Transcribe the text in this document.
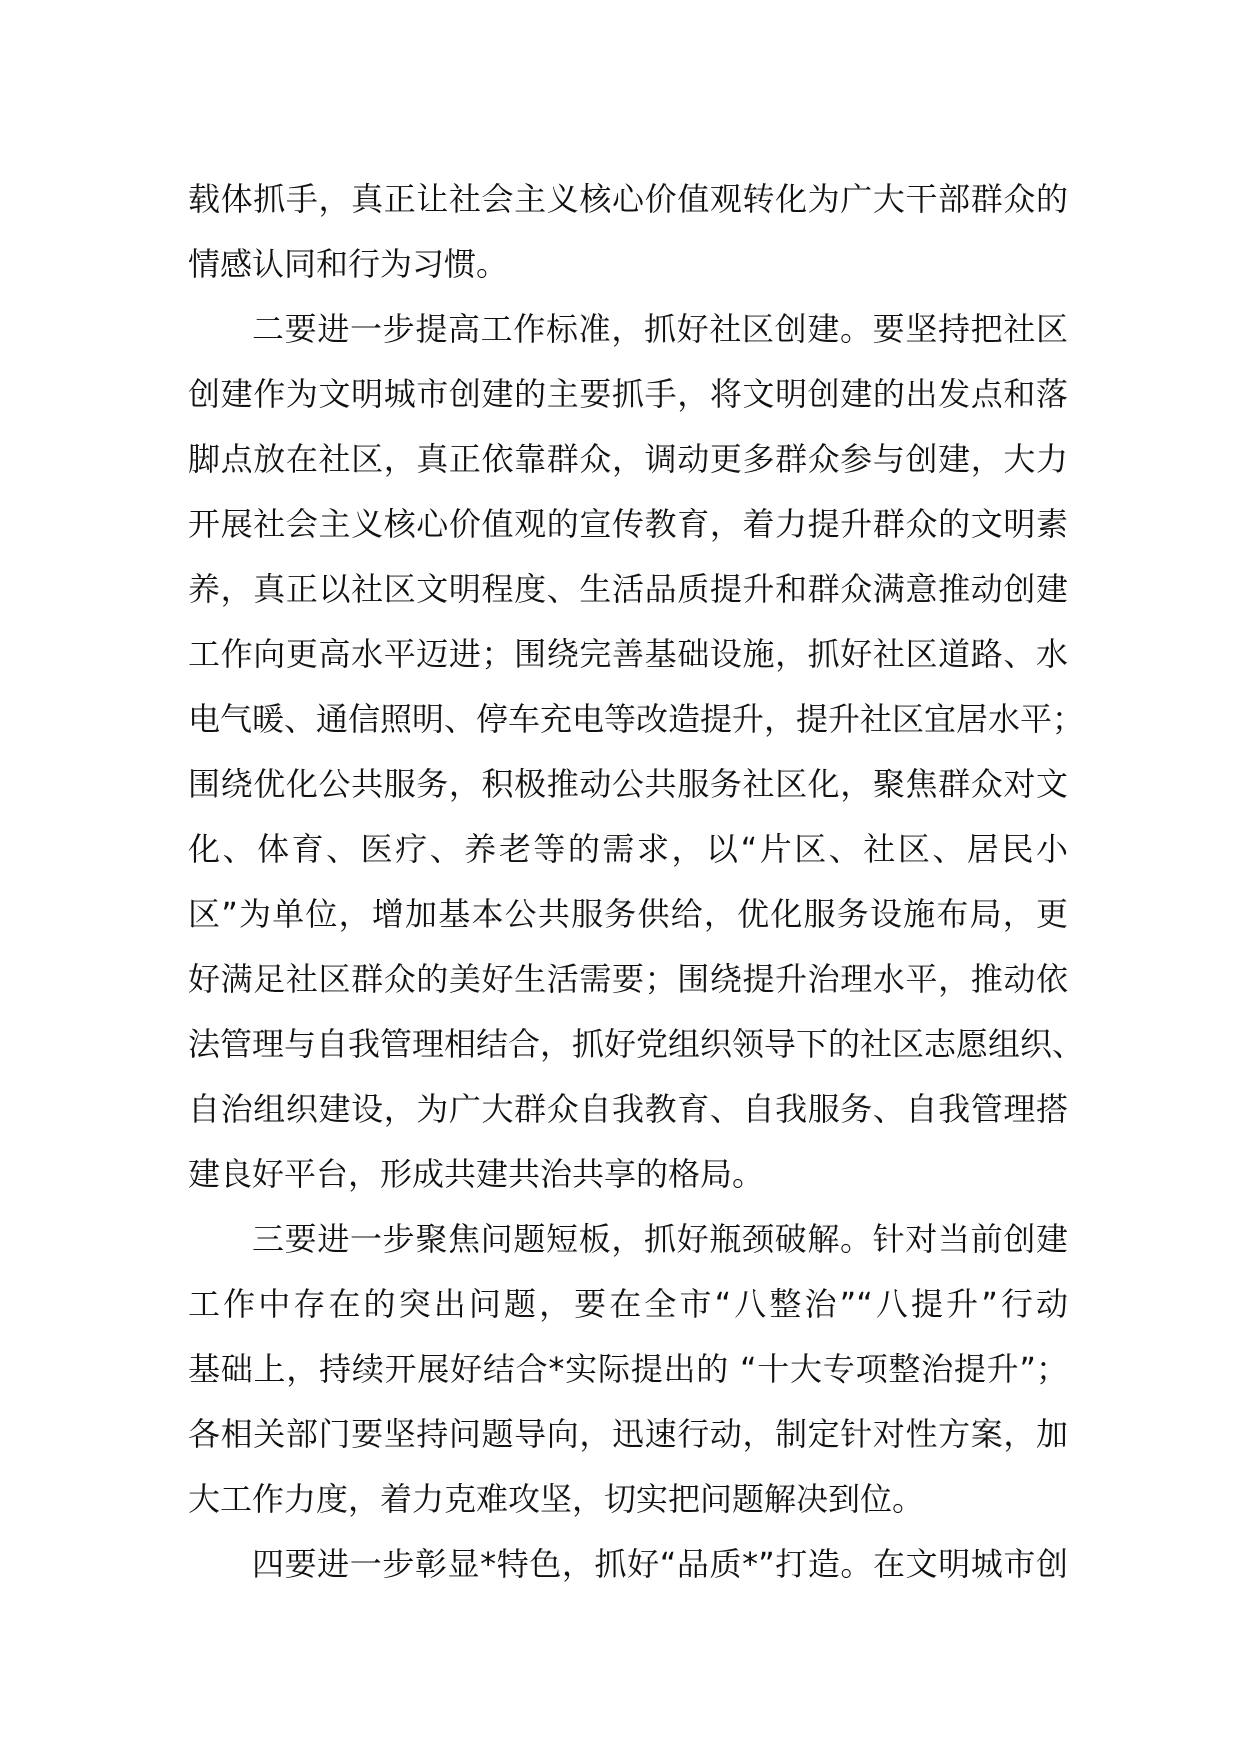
载体抓手，真正让社会主义核心价值观转化为广大干部群众的
情感认同和行为习惯。
二要进一步提高工作标准，抓好社区创建。要坚持把社区
创建作为文明城市创建的主要抓手，将文明创建的出发点和落
脚点放在社区，真正依靠群众，调动更多群众参与创建，大力
开展社会主义核心价值观的宣传教育，着力提升群众的文明素
养，真正以社区文明程度、生活品质提升和群众满意推动创建
工作向更高水平迈进；围绕完善基础设施，抓好社区道路、水
电气暖、通信照明、停车充电等改造提升，提升社区宜居水平；
围绕优化公共服务，积极推动公共服务社区化，聚焦群众对文
化、体育、医疗、养老等的需求，以“片区、社区、居民小
区”为单位，增加基本公共服务供给，优化服务设施布局，更
好满足社区群众的美好生活需要；围绕提升治理水平，推动依
法管理与自我管理相结合，抓好党组织领导下的社区志愿组织、
自治组织建设，为广大群众自我教育、自我服务、自我管理搭
建良好平台，形成共建共治共享的格局。
三要进一步聚焦问题短板，抓好瓶颈破解。针对当前创建
工作中存在的突出问题，要在全市“八整治”“八提升”行动
基础上，持续开展好结合*实际提出的 “十大专项整治提升”；
各相关部门要坚持问题导向，迅速行动，制定针对性方案，加
大工作力度，着力克难攻坚，切实把问题解决到位。
四要进一步彰显*特色，抓好“品质*”打造。在文明城市创
